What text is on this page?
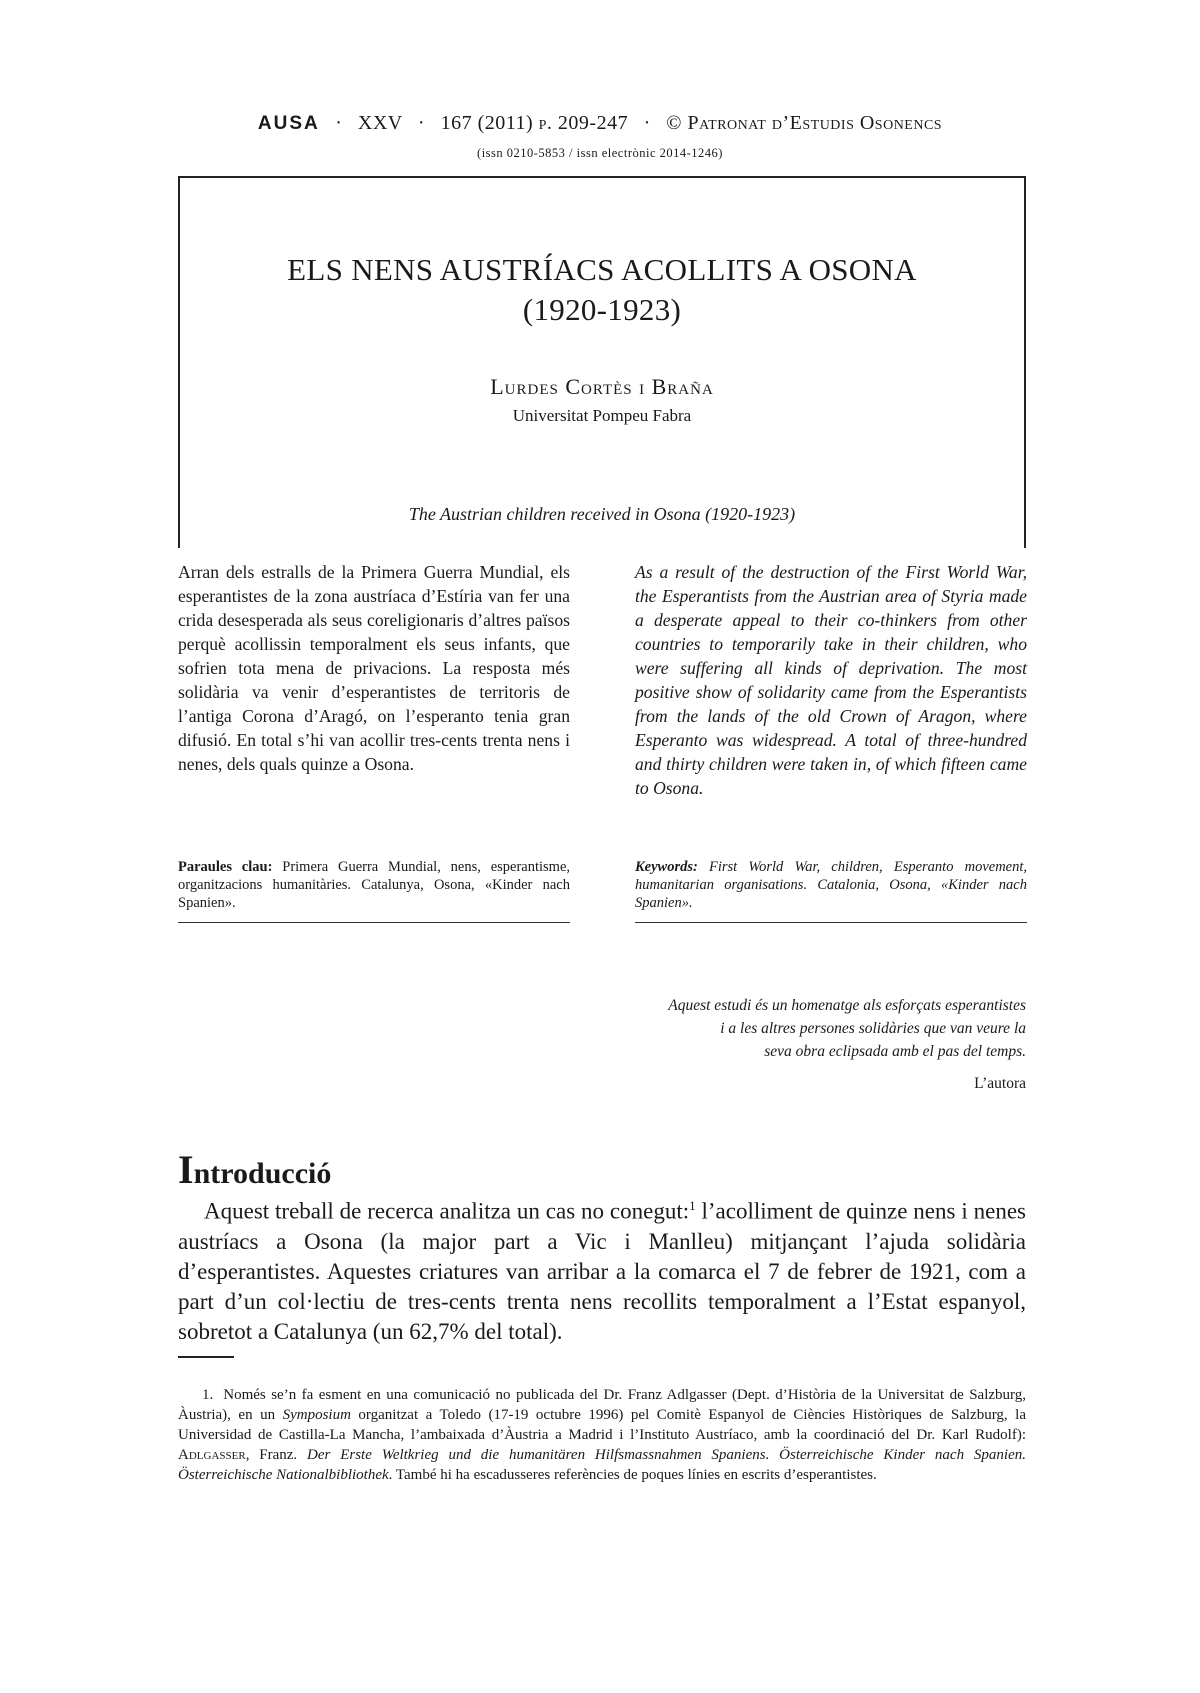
AUSA · XXV · 167 (2011) p. 209-247 · © Patronat d’Estudis Osonencs
(issn 0210-5853 / issn electrònic 2014-1246)
ELS NENS AUSTRÍACS ACOLLITS A OSONA
(1920-1923)
Lurdes Cortès i Braña
Universitat Pompeu Fabra
The Austrian children received in Osona (1920-1923)

Arran dels estralls de la Primera Guerra Mundial, els esperantistes de la zona austríaca d’Estíria van fer una crida desesperada als seus coreligionaris d’altres països perquè acollissin temporalment els seus infants, que sofrien tota mena de privacions. La resposta més solidària va venir d’esperantistes de territoris de l’antiga Corona d’Aragó, on l’esperanto tenia gran difusió. En total s’hi van acollir tres-cents trenta nens i nenes, dels quals quinze a Osona.

As a result of the destruction of the First World War, the Esperantists from the Austrian area of Styria made a desperate appeal to their co-thinkers from other countries to temporarily take in their children, who were suffering all kinds of deprivation. The most positive show of solidarity came from the Esperantists from the lands of the old Crown of Aragon, where Esperanto was widespread. A total of three-hundred and thirty children were taken in, of which fifteen came to Osona.

Paraules clau: Primera Guerra Mundial, nens, esperantisme, organitzacions humanitàries. Catalunya, Osona, «Kinder nach Spanien».
Keywords: First World War, children, Esperanto movement, humanitarian organisations. Catalonia, Osona, «Kinder nach Spanien».

Aquest estudi és un homenatge als esforçats esperantistes

i a les altres persones solidàries que van veure la

seva obra eclipsada amb el pas del temps.

L’autora
Introducció

Aquest treball de recerca analitza un cas no conegut:$^1$ l’acolliment de quinze nens i nenes austríacs a Osona (la major part a Vic i Manlleu) mitjançant l’ajuda solidària d’esperantistes. Aquestes criatures van arribar a la comarca el 7 de febrer de 1921, com a part d’un col·lectiu de tres-cents trenta nens recollits temporalment a l’Estat espanyol, sobretot a Catalunya (un 62,7% del total).

1. Només se’n fa esment en una comunicació no publicada del Dr. Franz Adlgasser (Dept. d’Història de la Universitat de Salzburg, Àustria), en un Symposium organitzat a Toledo (17-19 octubre 1996) pel Comitè Espanyol de Ciències Històriques de Salzburg, la Universidad de Castilla-La Mancha, l’ambaixada d’Àustria a Madrid i l’Instituto Austríaco, amb la coordinació del Dr. Karl Rudolf): Adlgasser, Franz. Der Erste Weltkrieg und die humanitären Hilfsmassnahmen Spaniens. Österreichische Kinder nach Spanien. Österreichische Nationalbibliothek. També hi ha escadusseres referències de poques línies en escrits d’esperantistes.
